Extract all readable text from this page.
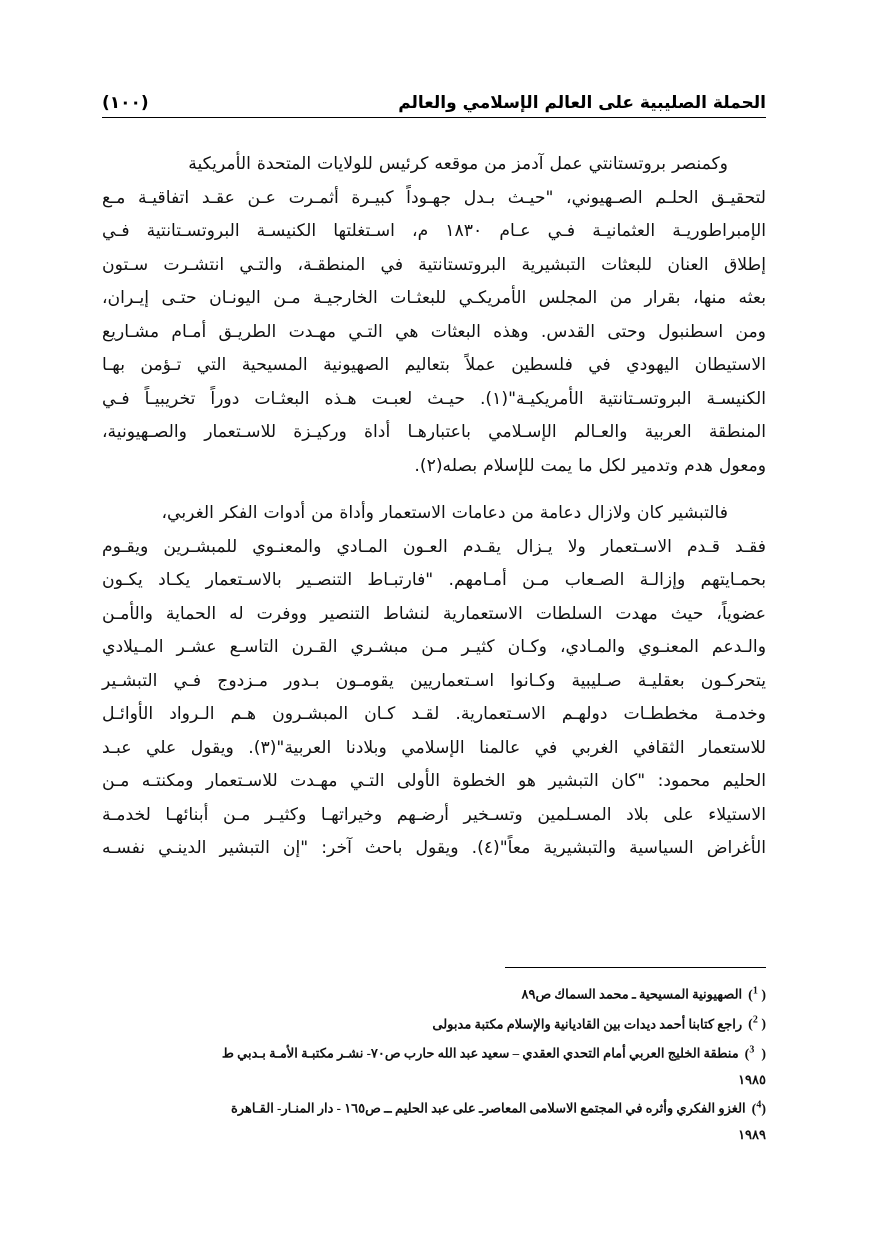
الحملة الصليبية على العالم الإسلامي والعالم
(١٠٠)

وكمنصر بروتستانتي عمل آدمز من موقعه كرئيس للولايات المتحدة الأمريكية
لتحقيـق الحلـم الصـهيوني، "حيـث بـدل جهـوداً كبيـرة أثمـرت عـن عقـد اتفاقيـة مـع
الإمبراطوريـة العثمانيـة فـي عـام ١٨٣٠ م، اسـتغلتها الكنيسـة البروتسـتانتية فـي
إطلاق العنان للبعثات التبشيرية البروتستانتية في المنطقـة، والتـي انتشـرت سـتون
بعثه منها، بقرار من المجلس الأمريكـي للبعثـات الخارجيـة مـن اليونـان حتـى إيـران،
ومن اسطنبول وحتى القدس. وهذه البعثات هي التـي مهـدت الطريـق أمـام مشـاريع
الاستيطان اليهودي في فلسطين عملاً بتعاليم الصهيونية المسيحية التي تـؤمن بهـا
الكنيسـة البروتسـتانتية الأمريكيـة"(١). حيـث لعبـت هـذه البعثـات دوراً تخريبيـاً فـي
المنطقة العربية والعـالم الإسـلامي باعتبارهـا أداة وركيـزة للاسـتعمار والصـهيونية،
ومعول هدم وتدمير لكل ما يمت للإسلام بصله(٢).

فالتبشير كان ولازال دعامة من دعامات الاستعمار وأداة من أدوات الفكر الغربي،
فقـد قـدم الاسـتعمار ولا يـزال يقـدم العـون المـادي والمعنـوي للمبشـرين ويقـوم
بحمـايتهم وإزالـة الصـعاب مـن أمـامهم. "فارتبـاط التنصـير بالاسـتعمار يكـاد يكـون
عضوياً، حيث مهدت السلطات الاستعمارية لنشاط التنصير ووفرت له الحماية والأمـن
والـدعم المعنـوي والمـادي، وكـان كثيـر مـن مبشـري القـرن التاسـع عشـر المـيلادي
يتحركـون بعقليـة صـليبية وكـانوا اسـتعماريين يقومـون بـدور مـزدوج فـي التبشـير
وخدمـة مخططـات دولهـم الاسـتعمارية. لقـد كـان المبشـرون هـم الـرواد الأوائـل
للاستعمار الثقافي الغربي في عالمنا الإسلامي وبلادنا العربية"(٣). ويقول علي عبـد
الحليم محمود: "كان التبشير هو الخطوة الأولى التـي مهـدت للاسـتعمار ومكنتـه مـن
الاستيلاء على بلاد المسـلمين وتسـخير أرضـهم وخيراتهـا وكثيـر مـن أبنائهـا لخدمـة
الأغراض السياسية والتبشيرية معاً"(٤). ويقول باحث آخر: "إن التبشير الدينـي نفسـه

( $^1$)الصهيونية المسيحية ـ محمد السماك ص٨٩

( $^2$)راجع كتابنا أحمد ديدات بين القاديانية والإسلام مكتبة مدبولى

(  $^3$)منطقة الخليج العربي أمام التحدي العقدي – سعيد عبد الله حارب ص٧٠- نشـر مكتبـة الأمـة بـدبي ط
١٩٨٥

($^4$)الغزو الفكري وأثره في المجتمع الاسلامى المعاصرـ على عبد الحليم ــ ص١٦٥ - دار المنـار- القـاهرة
١٩٨٩
